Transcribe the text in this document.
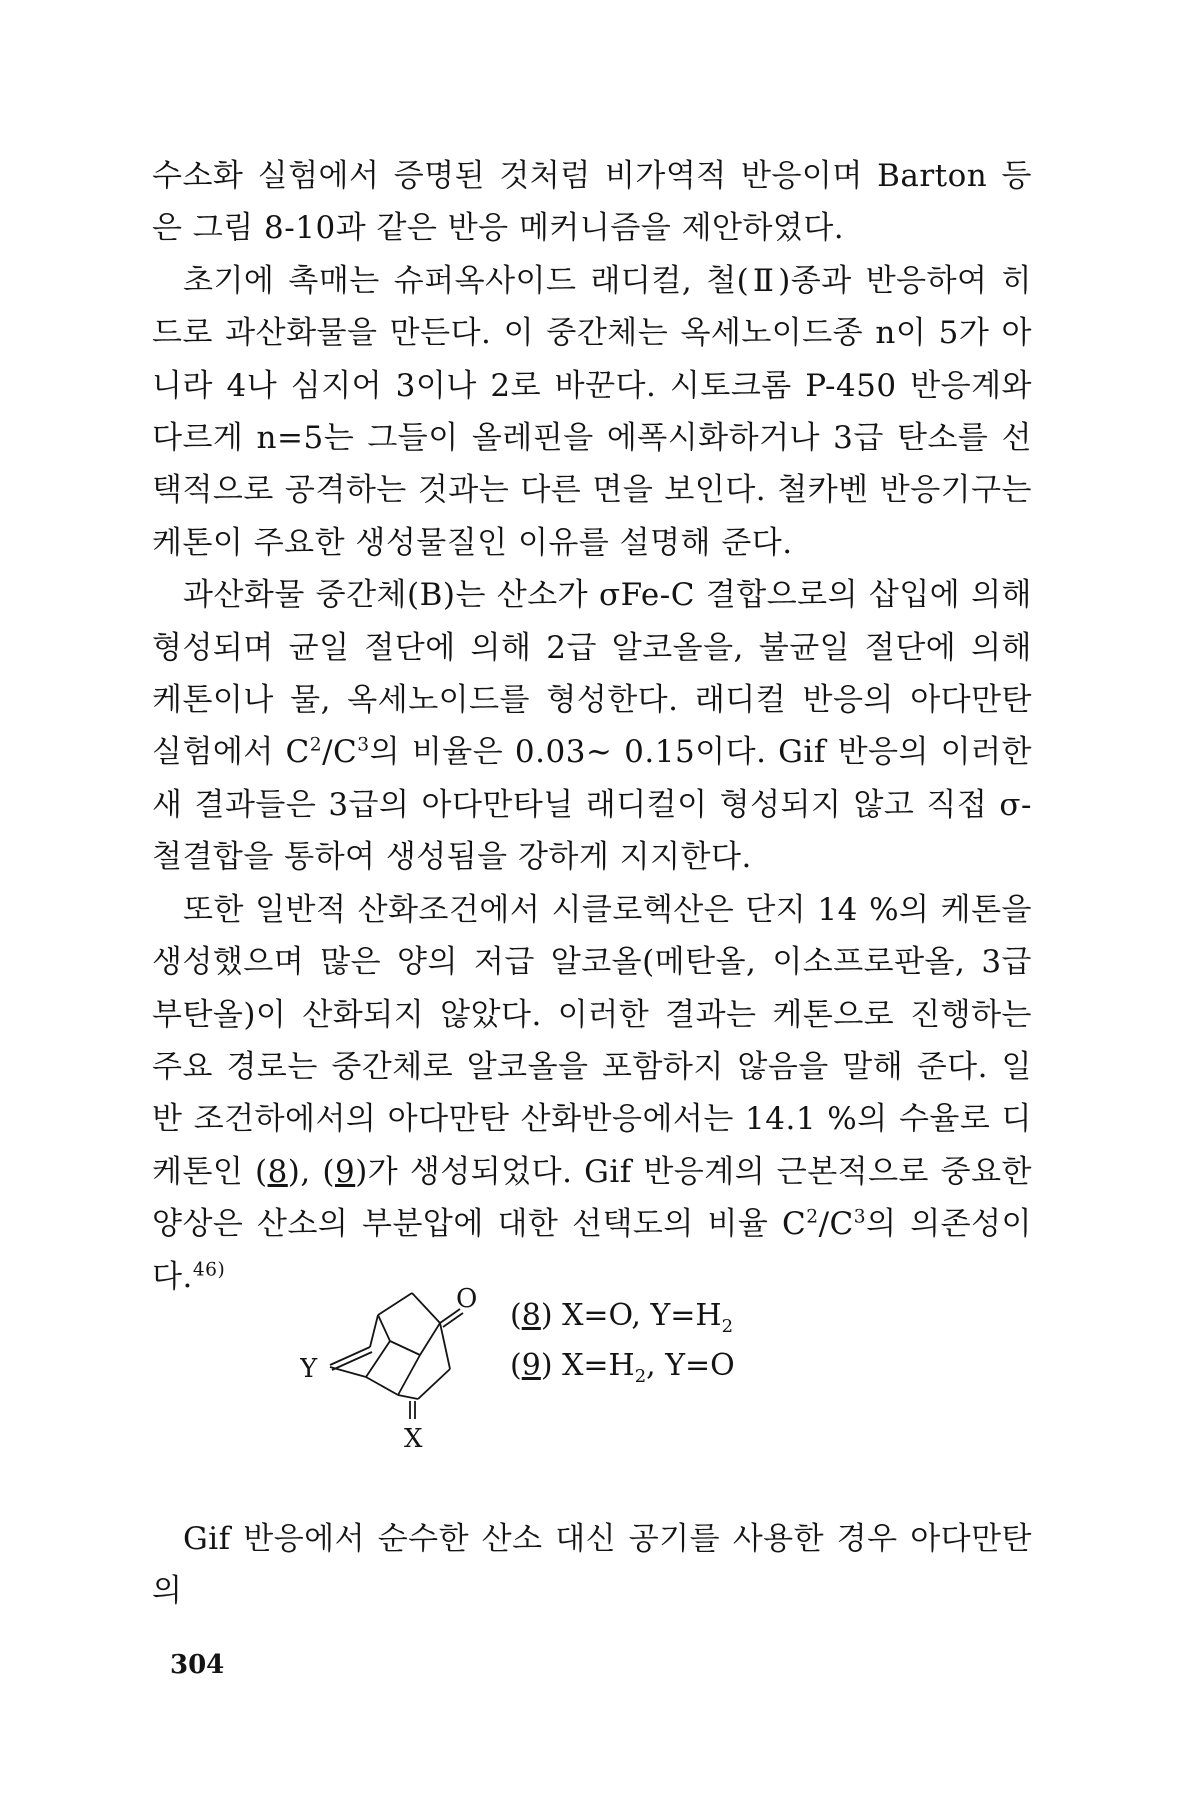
수소화 실험에서 증명된 것처럼 비가역적 반응이며 Barton 등은 그림 8-10과 같은 반응 메커니즘을 제안하였다.

초기에 촉매는 슈퍼옥사이드 래디컬, 철(Ⅱ)종과 반응하여 히드로 과산화물을 만든다. 이 중간체는 옥세노이드종 n이 5가 아니라 4나 심지어 3이나 2로 바꾼다. 시토크롬 P-450 반응계와 다르게 n=5는 그들이 올레핀을 에폭시화하거나 3급 탄소를 선택적으로 공격하는 것과는 다른 면을 보인다. 철카벤 반응기구는 케톤이 주요한 생성물질인 이유를 설명해 준다.

과산화물 중간체(B)는 산소가 σFe-C 결합으로의 삽입에 의해 형성되며 균일 절단에 의해 2급 알코올을, 불균일 절단에 의해 케톤이나 물, 옥세노이드를 형성한다. 래디컬 반응의 아다만탄 실험에서 $C^2/C^3$의 비율은 0.03~ 0.15이다. Gif 반응의 이러한 새 결과들은 3급의 아다만타닐 래디컬이 형성되지 않고 직접 σ-철결합을 통하여 생성됨을 강하게 지지한다.

또한 일반적 산화조건에서 시클로헥산은 단지 14 %의 케톤을 생성했으며 많은 양의 저급 알코올(메탄올, 이소프로판올, 3급 부탄올)이 산화되지 않았다. 이러한 결과는 케톤으로 진행하는 주요 경로는 중간체로 알코올을 포함하지 않음을 말해 준다. 일반 조건하에서의 아다만탄 산화반응에서는 14.1 %의 수율로 디케톤인 (8), (9)가 생성되었다. Gif 반응계의 근본적으로 중요한 양상은 산소의 부분압에 대한 선택도의 비율 $C^2/C^3$의 의존성이다.$^{46)}$

O
Y
X
(8) X=O, $Y=H_2$
(9) $X=H_2$, Y=O

Gif 반응에서 순수한 산소 대신 공기를 사용한 경우 아다만탄의

304
